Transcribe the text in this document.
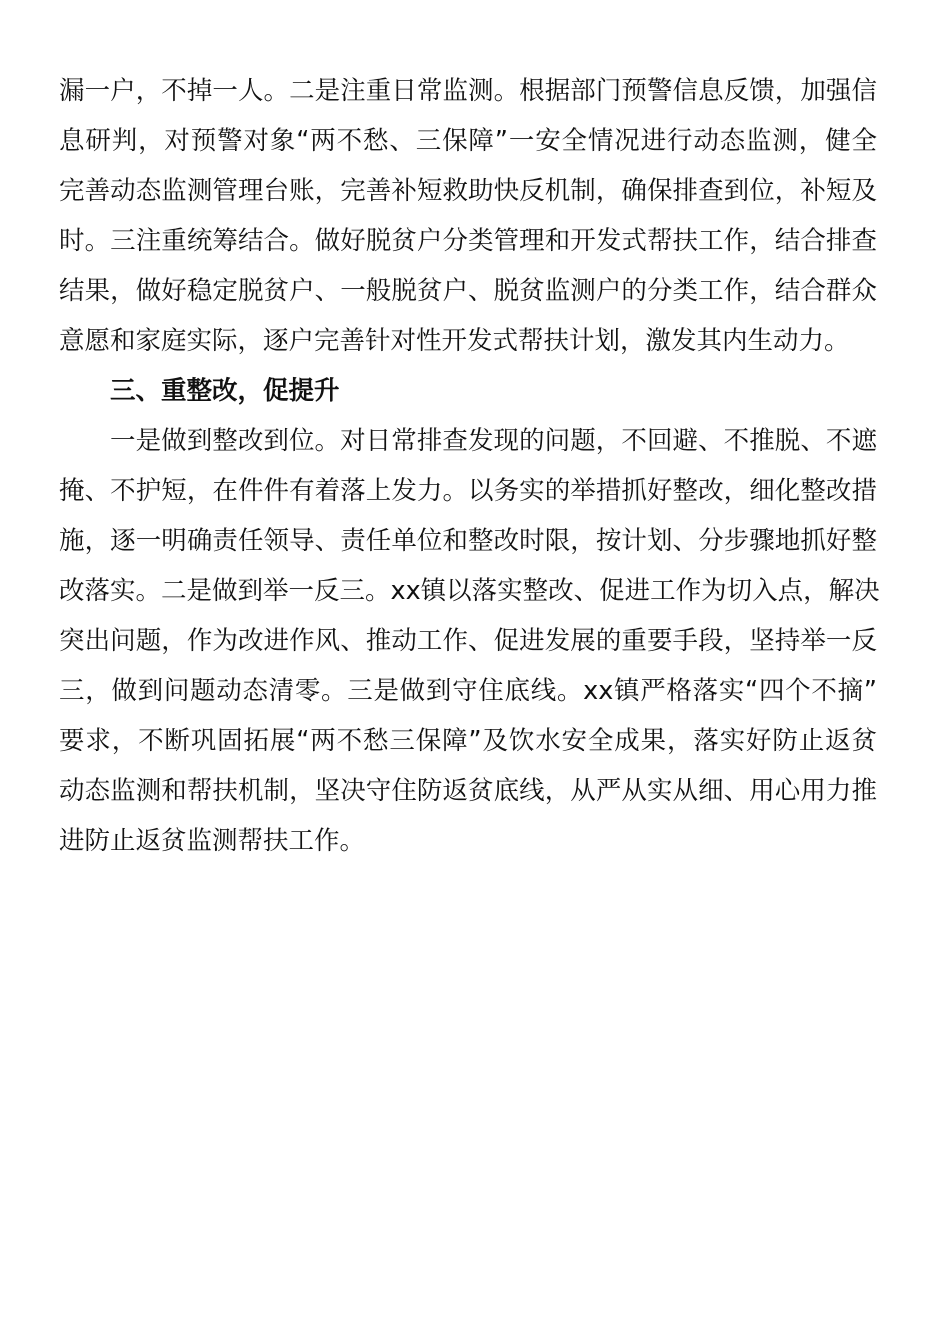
漏一户，不掉一人。二是注重日常监测。根据部门预警信息反馈，加强信
息研判，对预警对象“两不愁、三保障”一安全情况进行动态监测，健全
完善动态监测管理台账，完善补短救助快反机制，确保排查到位，补短及
时。三注重统筹结合。做好脱贫户分类管理和开发式帮扶工作，结合排查
结果，做好稳定脱贫户、一般脱贫户、脱贫监测户的分类工作，结合群众
意愿和家庭实际，逐户完善针对性开发式帮扶计划，激发其内生动力。
三、重整改，促提升
一是做到整改到位。对日常排查发现的问题，不回避、不推脱、不遮
掩、不护短，在件件有着落上发力。以务实的举措抓好整改，细化整改措
施，逐一明确责任领导、责任单位和整改时限，按计划、分步骤地抓好整
改落实。二是做到举一反三。xx镇以落实整改、促进工作为切入点，解决
突出问题，作为改进作风、推动工作、促进发展的重要手段，坚持举一反
三，做到问题动态清零。三是做到守住底线。xx镇严格落实“四个不摘”
要求，不断巩固拓展“两不愁三保障”及饮水安全成果，落实好防止返贫
动态监测和帮扶机制，坚决守住防返贫底线，从严从实从细、用心用力推
进防止返贫监测帮扶工作。
